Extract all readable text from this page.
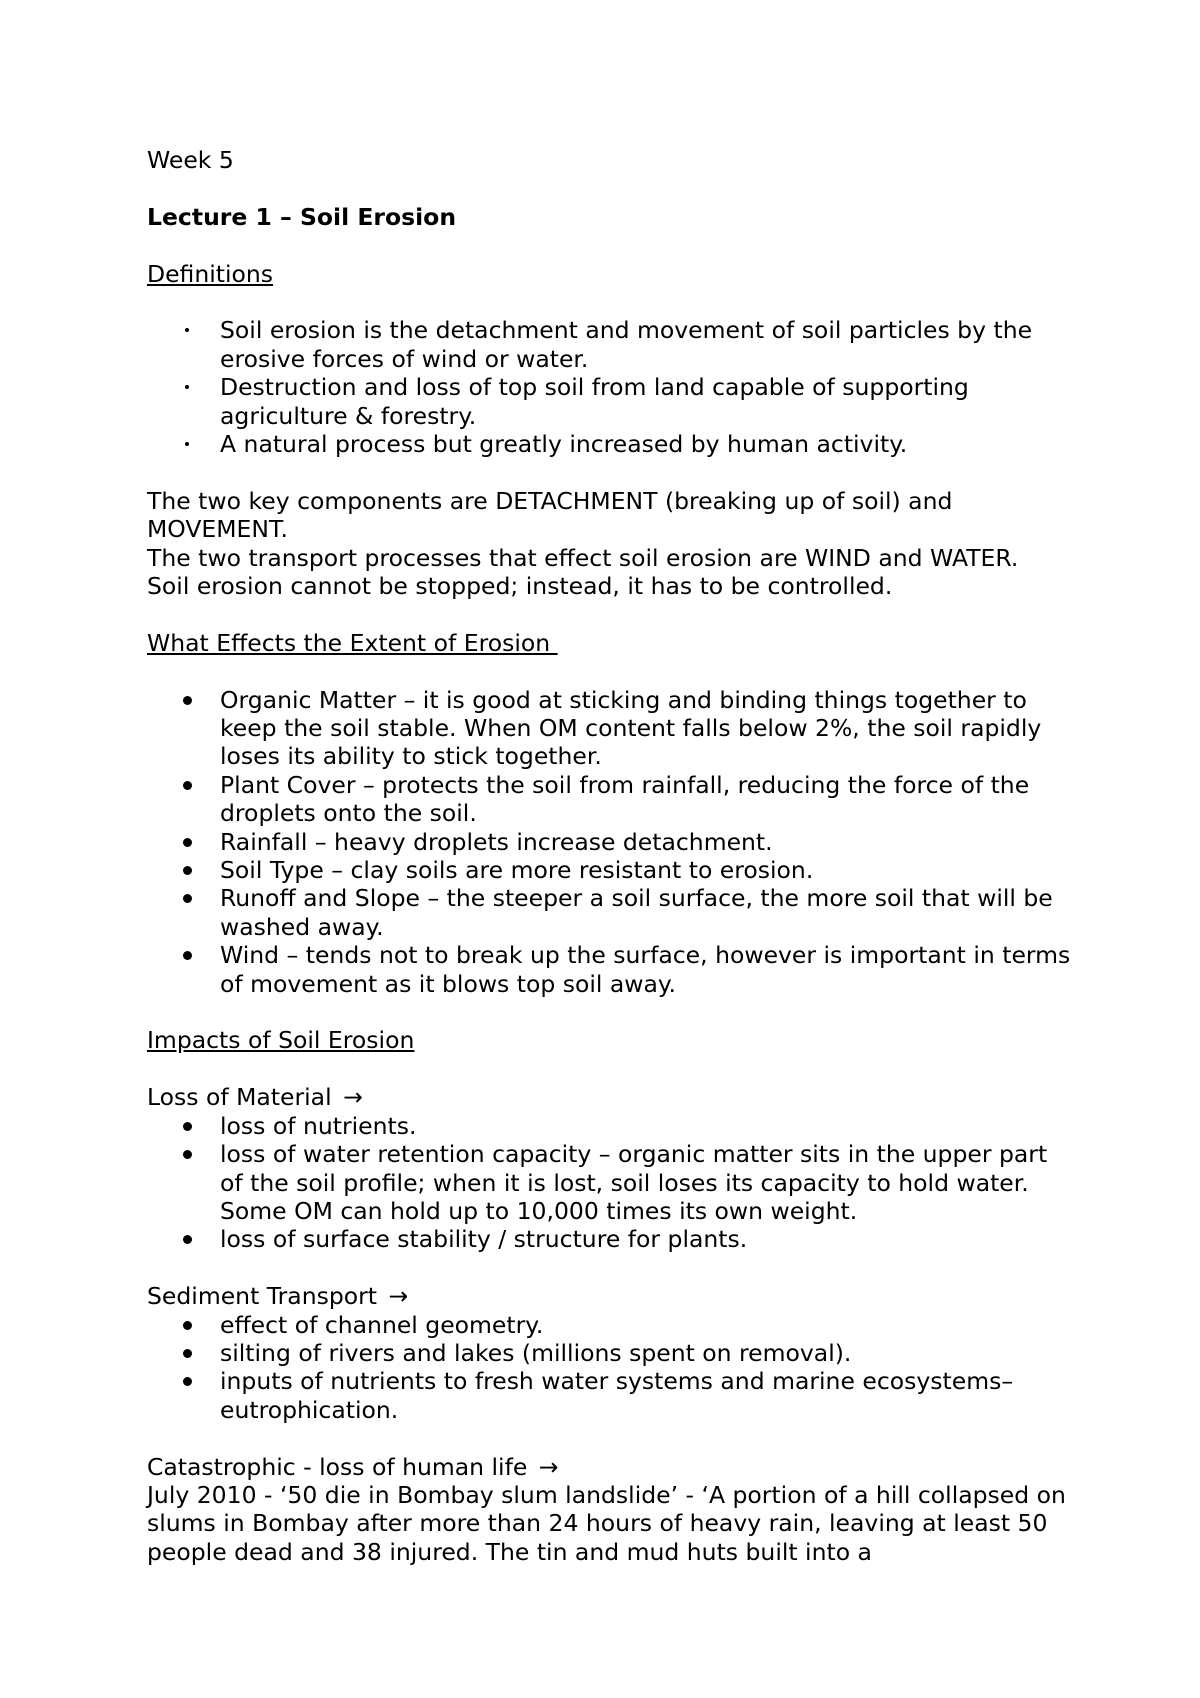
Week 5

Lecture 1 – Soil Erosion

Definitions

Soil erosion is the detachment and movement of soil particles by the erosive forces of wind or water.
Destruction and loss of top soil from land capable of supporting agriculture & forestry.
A natural process but greatly increased by human activity.

The two key components are DETACHMENT (breaking up of soil) and MOVEMENT.

The two transport processes that effect soil erosion are WIND and WATER.

Soil erosion cannot be stopped; instead, it has to be controlled.

What Effects the Extent of Erosion

Organic Matter – it is good at sticking and binding things together to keep the soil stable. When OM content falls below 2%, the soil rapidly loses its ability to stick together.
Plant Cover – protects the soil from rainfall, reducing the force of the droplets onto the soil.
Rainfall – heavy droplets increase detachment.
Soil Type – clay soils are more resistant to erosion.
Runoff and Slope – the steeper a soil surface, the more soil that will be washed away.
Wind – tends not to break up the surface, however is important in terms of movement as it blows top soil away.

Impacts of Soil Erosion

Loss of Material →

loss of nutrients.
loss of water retention capacity – organic matter sits in the upper part of the soil profile; when it is lost, soil loses its capacity to hold water. Some OM can hold up to 10,000 times its own weight.
loss of surface stability / structure for plants.

Sediment Transport →

effect of channel geometry.
silting of rivers and lakes (millions spent on removal).
inputs of nutrients to fresh water systems and marine ecosystems– eutrophication.

Catastrophic - loss of human life →

July 2010 - ‘50 die in Bombay slum landslide’ - ‘A portion of a hill collapsed on slums in Bombay after more than 24 hours of heavy rain, leaving at least 50 people dead and 38 injured. The tin and mud huts built into a
